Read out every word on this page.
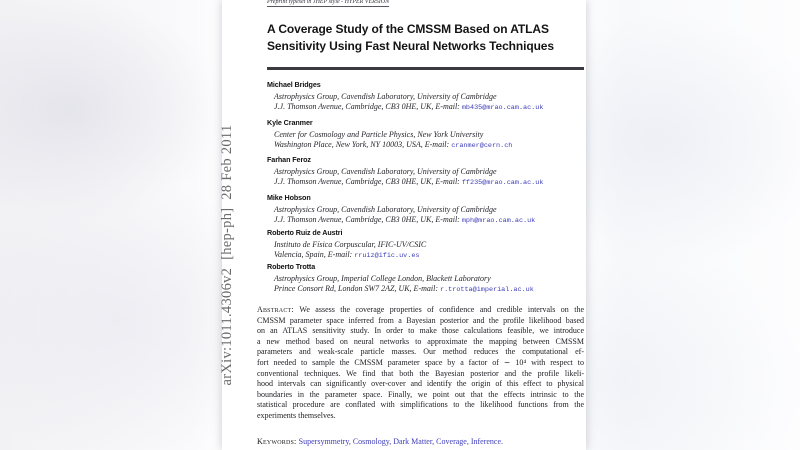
arXiv:1011.4306v2  [hep-ph]  28 Feb 2011
Preprint typeset in JHEP style - HYPER VERSION
A Coverage Study of the CMSSM Based on ATLAS
Sensitivity Using Fast Neural Networks Techniques
Michael Bridges
Astrophysics Group, Cavendish Laboratory, University of Cambridge
J.J. Thomson Avenue, Cambridge, CB3 0HE, UK, E-mail: mb435@mrao.cam.ac.uk
Kyle Cranmer
Center for Cosmology and Particle Physics, New York University
Washington Place, New York, NY 10003, USA, E-mail: cranmer@cern.ch
Farhan Feroz
Astrophysics Group, Cavendish Laboratory, University of Cambridge
J.J. Thomson Avenue, Cambridge, CB3 0HE, UK, E-mail: ff235@mrao.cam.ac.uk
Mike Hobson
Astrophysics Group, Cavendish Laboratory, University of Cambridge
J.J. Thomson Avenue, Cambridge, CB3 0HE, UK, E-mail: mph@mrao.cam.ac.uk
Roberto Ruiz de Austri
Instituto de Física Corpuscular, IFIC-UV/CSIC
Valencia, Spain, E-mail: rruiz@ific.uv.es
Roberto Trotta
Astrophysics Group, Imperial College London, Blackett Laboratory
Prince Consort Rd, London SW7 2AZ, UK, E-mail: r.trotta@imperial.ac.uk
Abstract: We assess the coverage properties of confidence and credible intervals on the
CMSSM parameter space inferred from a Bayesian posterior and the profile likelihood based
on an ATLAS sensitivity study. In order to make those calculations feasible, we introduce
a new method based on neural networks to approximate the mapping between CMSSM
parameters and weak-scale particle masses. Our method reduces the computational ef-
fort needed to sample the CMSSM parameter space by a factor of ∼ 10⁴ with respect to
conventional techniques. We find that both the Bayesian posterior and the profile likeli-
hood intervals can significantly over-cover and identify the origin of this effect to physical
boundaries in the parameter space. Finally, we point out that the effects intrinsic to the
statistical procedure are conflated with simplifications to the likelihood functions from the
experiments themselves.
Keywords: Supersymmetry, Cosmology, Dark Matter, Coverage, Inference.
